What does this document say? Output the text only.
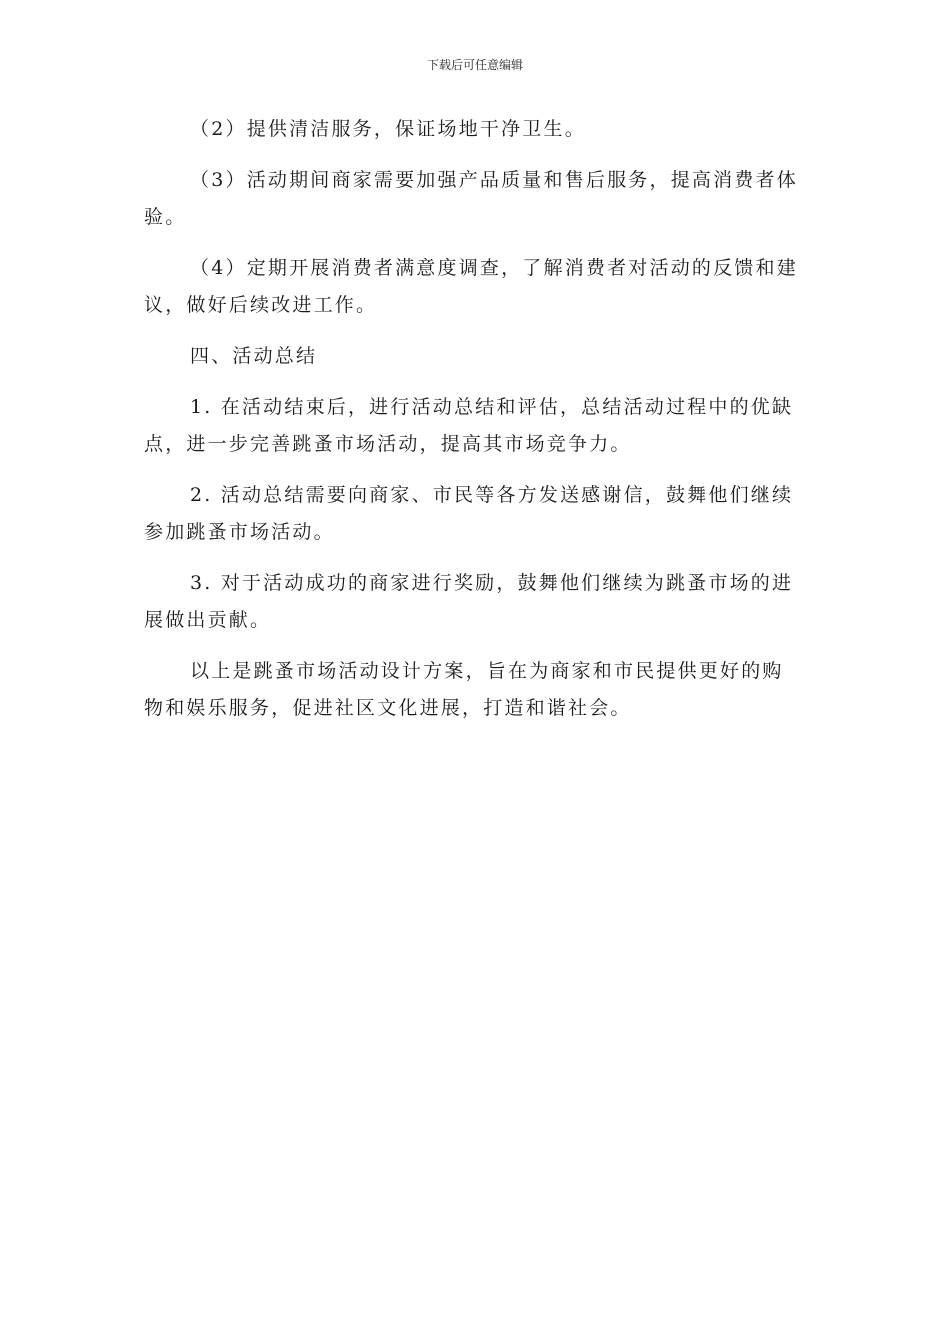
下载后可任意编辑

（2）提供清洁服务，保证场地干净卫生。

（3）活动期间商家需要加强产品质量和售后服务，提高消费者体验。

（4）定期开展消费者满意度调查，了解消费者对活动的反馈和建议，做好后续改进工作。

四、活动总结

1. 在活动结束后，进行活动总结和评估，总结活动过程中的优缺点，进一步完善跳蚤市场活动，提高其市场竞争力。

2. 活动总结需要向商家、市民等各方发送感谢信，鼓舞他们继续参加跳蚤市场活动。

3. 对于活动成功的商家进行奖励，鼓舞他们继续为跳蚤市场的进展做出贡献。

以上是跳蚤市场活动设计方案，旨在为商家和市民提供更好的购物和娱乐服务，促进社区文化进展，打造和谐社会。
